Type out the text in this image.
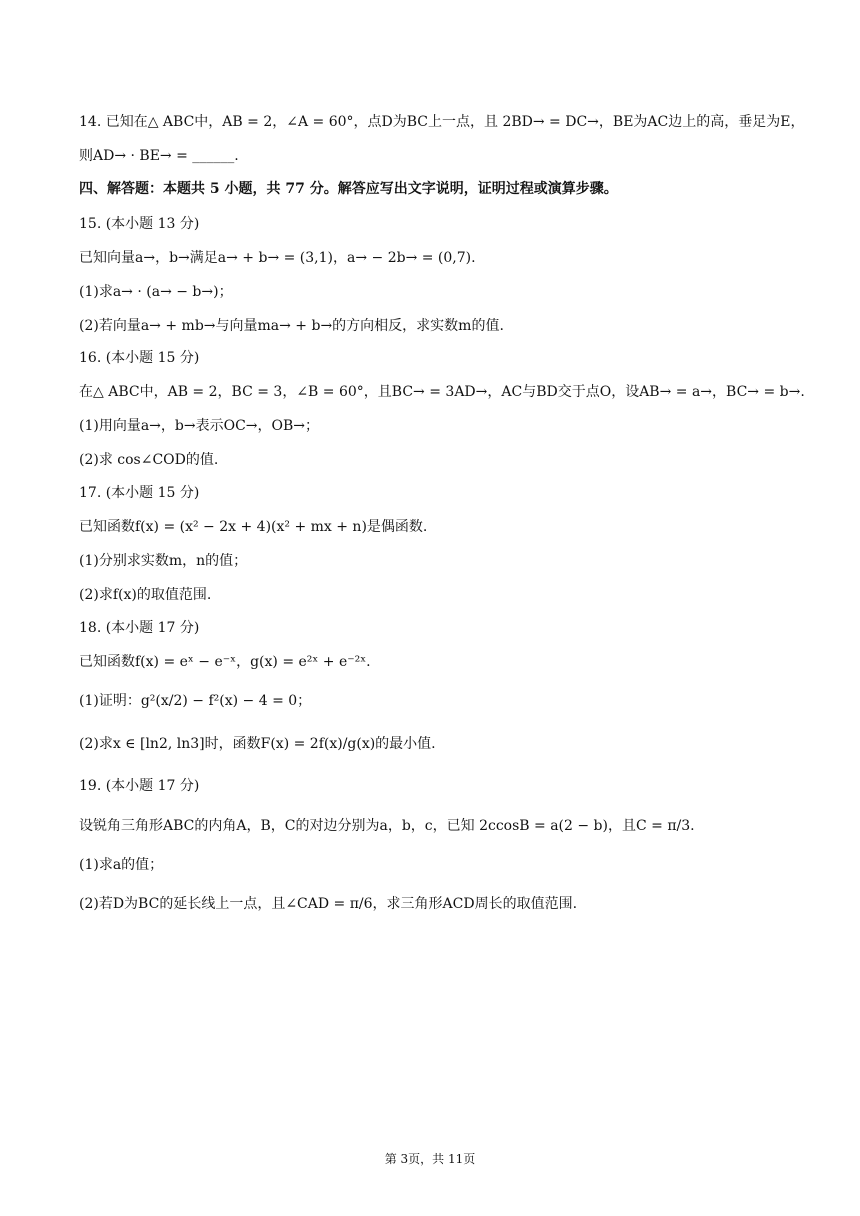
14. 已知在△ ABC中，AB = 2，∠A = 60°，点D为BC上一点，且 2BD→ = DC→，BE为AC边上的高，垂足为E，
则AD→ · BE→ = ______.
四、解答题：本题共 5 小题，共 77 分。解答应写出文字说明，证明过程或演算步骤。
15. (本小题 13 分)
已知向量a→，b→满足a→ + b→ = (3,1)，a→ − 2b→ = (0,7).
(1)求a→ · (a→ − b→)；
(2)若向量a→ + mb→与向量ma→ + b→的方向相反，求实数m的值.
16. (本小题 15 分)
在△ ABC中，AB = 2，BC = 3，∠B = 60°，且BC→ = 3AD→，AC与BD交于点O，设AB→ = a→，BC→ = b→.
(1)用向量a→，b→表示OC→，OB→；
(2)求 cos∠COD的值.
17. (本小题 15 分)
已知函数f(x) = (x² − 2x + 4)(x² + mx + n)是偶函数.
(1)分别求实数m，n的值；
(2)求f(x)的取值范围.
18. (本小题 17 分)
已知函数f(x) = eˣ − e⁻ˣ，g(x) = e²ˣ + e⁻²ˣ.
(1)证明：g²(x/2) − f²(x) − 4 = 0；
(2)求x ∈ [ln2, ln3]时，函数F(x) = 2f(x)/g(x)的最小值.
19. (本小题 17 分)
设锐角三角形ABC的内角A，B，C的对边分别为a，b，c，已知 2ccosB = a(2 − b)，且C = π/3.
(1)求a的值；
(2)若D为BC的延长线上一点，且∠CAD = π/6，求三角形ACD周长的取值范围.
第 3页，共 11页
